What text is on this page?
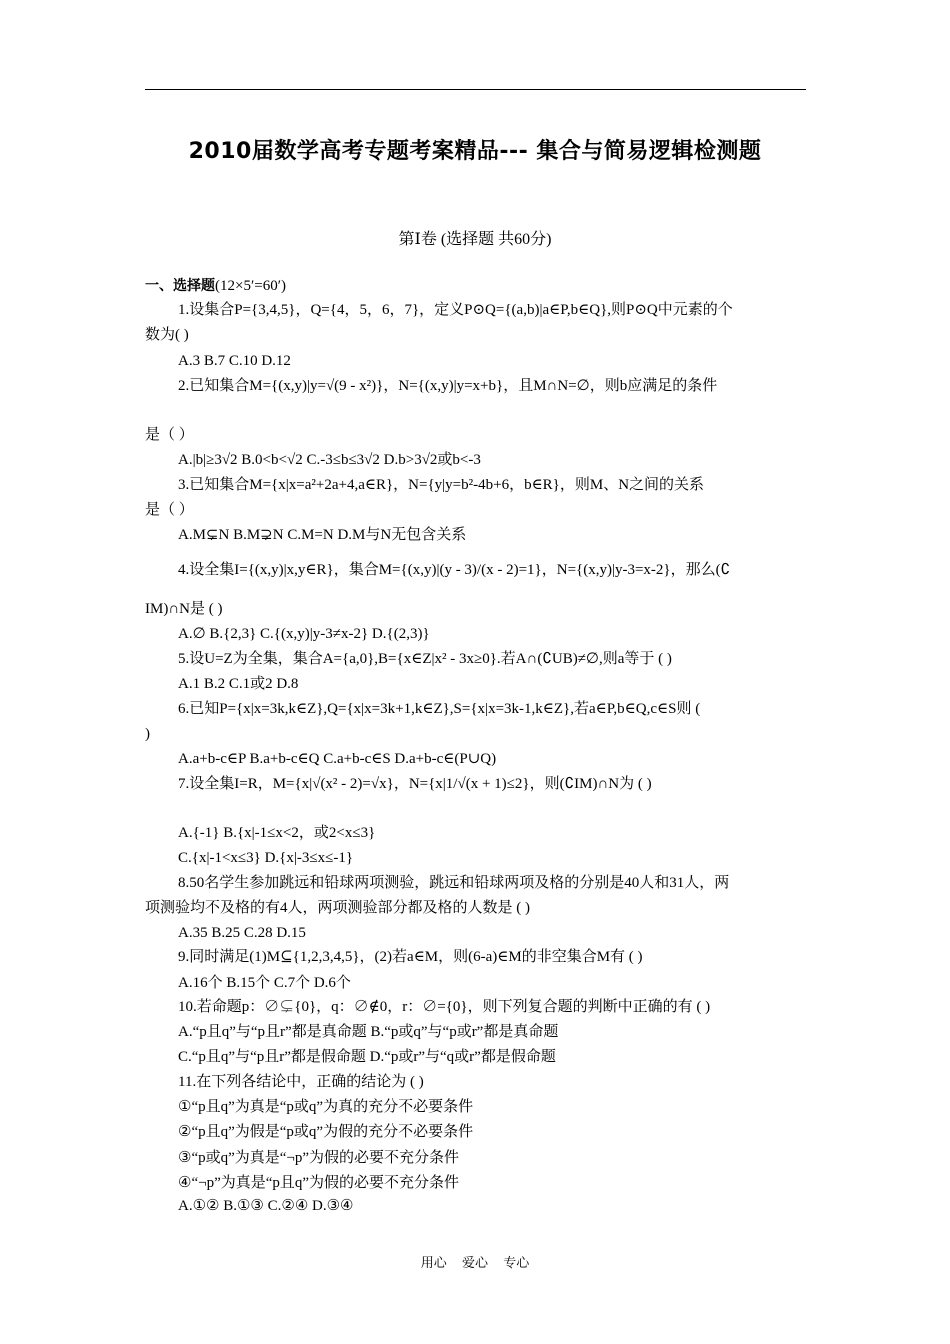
2010届数学高考专题考案精品--- 集合与简易逻辑检测题
第Ⅰ卷 (选择题 共60分)
一、选择题(12×5′=60′)
1.设集合P={3,4,5}，Q={4，5，6，7}，定义P⊙Q={(a,b)|a∈P,b∈Q},则P⊙Q中元素的个
数为( )
A.3 B.7 C.10 D.12
2.已知集合M={(x,y)|y=√(9 - x²)}，N={(x,y)|y=x+b}，且M∩N=∅，则b应满足的条件
是（ ）
A.|b|≥3√2 B.0<b<√2 C.-3≤b≤3√2 D.b>3√2或b<-3
3.已知集合M={x|x=a²+2a+4,a∈R}，N={y|y=b²-4b+6，b∈R}，则M、N之间的关系
是（ ）
A.M⊊N B.M⊋N C.M=N D.M与N无包含关系
4.设全集I={(x,y)|x,y∈R}，集合M={(x,y)|(y - 3)/(x - 2)=1}，N={(x,y)|y-3=x-2}，那么(∁
IM)∩N是 ( )
A.∅ B.{2,3} C.{(x,y)|y-3≠x-2} D.{(2,3)}
5.设U=Z为全集，集合A={a,0},B={x∈Z|x² - 3x≥0}.若A∩(∁UB)≠∅,则a等于 ( )
A.1 B.2 C.1或2 D.8
6.已知P={x|x=3k,k∈Z},Q={x|x=3k+1,k∈Z},S={x|x=3k-1,k∈Z},若a∈P,b∈Q,c∈S则 (
)
A.a+b-c∈P B.a+b-c∈Q C.a+b-c∈S D.a+b-c∈(P∪Q)
7.设全集I=R，M={x|√(x² - 2)=√x}，N={x|1/√(x + 1)≤2}，则(∁IM)∩N为 ( )
A.{-1} B.{x|-1≤x<2，或2<x≤3}
C.{x|-1<x≤3} D.{x|-3≤x≤-1}
8.50名学生参加跳远和铅球两项测验，跳远和铅球两项及格的分别是40人和31人，两
项测验均不及格的有4人，两项测验部分都及格的人数是 ( )
A.35 B.25 C.28 D.15
9.同时满足(1)M⊆{1,2,3,4,5}，(2)若a∈M，则(6-a)∈M的非空集合M有 ( )
A.16个 B.15个 C.7个 D.6个
10.若命题p：∅⊊{0}，q：∅∉0，r：∅={0}，则下列复合题的判断中正确的有 ( )
A.“p且q”与“p且r”都是真命题 B.“p或q”与“p或r”都是真命题
C.“p且q”与“p且r”都是假命题 D.“p或r”与“q或r”都是假命题
11.在下列各结论中，正确的结论为 ( )
①“p且q”为真是“p或q”为真的充分不必要条件
②“p且q”为假是“p或q”为假的充分不必要条件
③“p或q”为真是“¬p”为假的必要不充分条件
④“¬p”为真是“p且q”为假的必要不充分条件
A.①② B.①③ C.②④ D.③④
用心 爱心 专心
